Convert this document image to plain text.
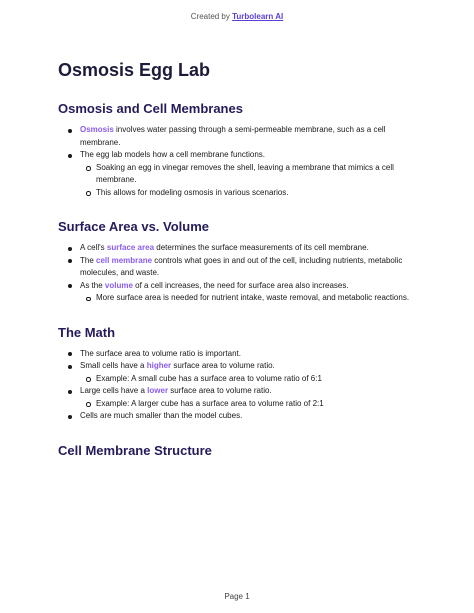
Created by Turbolearn AI
Osmosis Egg Lab
Osmosis and Cell Membranes
Osmosis involves water passing through a semi-permeable membrane, such as a cell membrane.
The egg lab models how a cell membrane functions.
Soaking an egg in vinegar removes the shell, leaving a membrane that mimics a cell membrane.
This allows for modeling osmosis in various scenarios.
Surface Area vs. Volume
A cell's surface area determines the surface measurements of its cell membrane.
The cell membrane controls what goes in and out of the cell, including nutrients, metabolic molecules, and waste.
As the volume of a cell increases, the need for surface area also increases.
More surface area is needed for nutrient intake, waste removal, and metabolic reactions.
The Math
The surface area to volume ratio is important.
Small cells have a higher surface area to volume ratio.
Example: A small cube has a surface area to volume ratio of 6:1
Large cells have a lower surface area to volume ratio.
Example: A larger cube has a surface area to volume ratio of 2:1
Cells are much smaller than the model cubes.
Cell Membrane Structure
Page 1
